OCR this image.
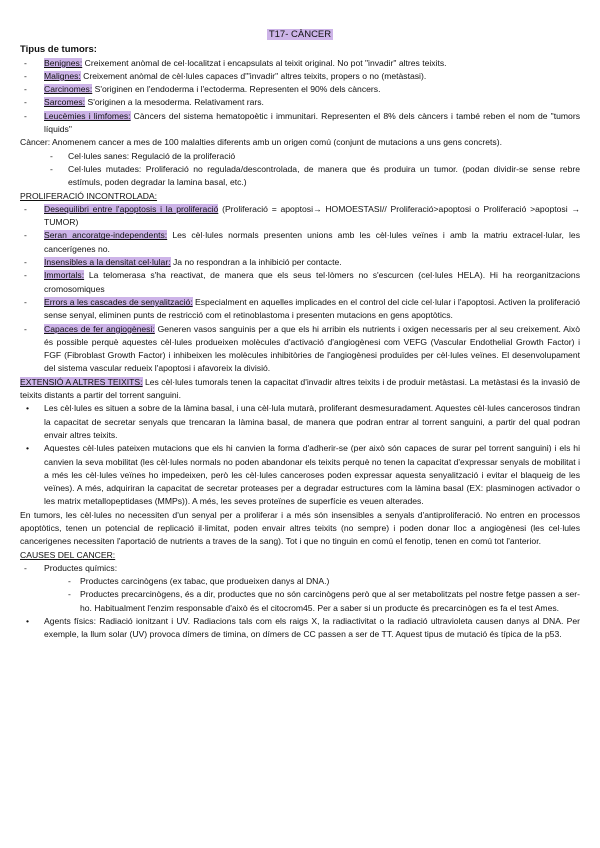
T17- CÀNCER
Tipus de tumors:
- Benignes: Creixement anòmal de cel·localitzat i encapsulats al teixit original. No pot "invadir" altres teixits.
- Malignes: Creixement anòmal de cèl·lules capaces d'"invadir" altres teixits, propers o no (metàstasi).
- Carcinomes: S'originen en l'endoderma i l'ectoderma. Representen el 90% dels càncers.
- Sarcomes: S'originen a la mesoderma. Relativament rars.
- Leucèmies i limfomes: Càncers del sistema hematopoètic i immunitari. Representen el 8% dels càncers i també reben el nom de "tumors líquids"

Càncer: Anomenem cancer a mes de 100 malalties diferents amb un origen comú (conjunt de mutacions a uns gens concrets).

- Cel·lules sanes: Regulació de la proliferació
- Cel·lules mutades: Proliferació no regulada/descontrolada, de manera que és produira un tumor. (podan dividir-se sense rebre estímuls, poden degradar la lamina basal, etc.)
PROLIFERACIÓ INCONTROLADA:
- Desequilibri entre l'apoptosis i la proliferació (Proliferació = apoptosi→ HOMOESTASI// Proliferació>apoptosi o Proliferació >apoptosi → TUMOR)
- Seran ancoratge-independents: Les cèl·lules normals presenten unions amb les cèl·lules veïnes i amb la matriu extracel·lular, les cancerígenes no.
- Insensibles a la densitat cel·lular: Ja no respondran a la inhibició per contacte.
- Immortals: La telomerasa s'ha reactivat, de manera que els seus tel·lòmers no s'escurcen (cel·lules HELA). Hi ha reorganitzacions cromosomiques
- Errors a les cascades de senyalització: Especialment en aquelles implicades en el control del cicle cel·lular i l'apoptosi. Activen la proliferació sense senyal, eliminen punts de restricció com el retinoblastoma i presenten mutacions en gens apoptòtics.
- Capaces de fer angiogènesi: Generen vasos sanguinis per a que els hi arribin els nutrients i oxigen necessaris per al seu creixement. Això és possible perquè aquestes cèl·lules produeixen molècules d'activació d'angiogènesi com VEFG (Vascular Endothelial Growth Factor) i FGF (Fibroblast Growth Factor) i inhibeixen les molècules inhibitòries de l'angiogènesi produïdes per cèl·lules veïnes. El desenvolupament del sistema vascular redueix l'apoptosi i afavoreix la divisió.

EXTENSIÓ A ALTRES TEIXITS: Les cèl·lules tumorals tenen la capacitat d'invadir altres teixits i de produir metàstasi. La metàstasi és la invasió de teixits distants a partir del torrent sanguini.

• Les cèl·lules es situen a sobre de la làmina basal, i una cèl·lula mutarà, proliferant desmesuradament. Aquestes cèl·lules cancerosos tindran la capacitat de secretar senyals que trencaran la làmina basal, de manera que podran entrar al torrent sanguini, a partir del qual podran envair altres teixits.
• Aquestes cèl·lules pateixen mutacions que els hi canvien la forma d'adherir-se (per això són capaces de surar pel torrent sanguini) i els hi canvien la seva mobilitat (les cèl·lules normals no poden abandonar els teixits perquè no tenen la capacitat d'expressar senyals de mobilitat i a més les cèl·lules veïnes ho impedeixen, però les cèl·lules canceroses poden expressar aquesta senyalització i evitar el blaqueig de les veïnes). A més, adquiriran la capacitat de secretar proteases per a degradar estructures com la làmina basal (EX: plasminogen activador o les matrix metallopeptidases (MMPs)). A més, les seves proteïnes de superfície es veuen alterades.

En tumors, les cèl·lules no necessiten d'un senyal per a proliferar i a més són insensibles a senyals d'antiproliferació. No entren en processos apoptòtics, tenen un potencial de replicació il·limitat, poden envair altres teixits (no sempre) i poden donar lloc a angiogènesi (les cel·lules cancerigenes necessiten l'aportació de nutrients a traves de la sang). Tot i que no tinguin en comú el fenotip, tenen en comú tot l'anterior.

CAUSES DEL CANCER:
- Productes químics:
- Productes carcinògens (ex tabac, que produeixen danys al DNA.)
- Productes precarcinògens, és a dir, productes que no són carcinògens però que al ser metabolitzats pel nostre fetge passen a ser-ho. Habitualment l'enzim responsable d'això és el citocrom45. Per a saber si un producte és precarcinògen es fa el test Ames.
• Agents físics: Radiació ionitzant i UV. Radiacions tals com els raigs X, la radiactivitat o la radiació ultravioleta causen danys al DNA. Per exemple, la llum solar (UV) provoca dímers de timina, on dímers de CC passen a ser de TT. Aquest tipus de mutació és típica de la p53.
